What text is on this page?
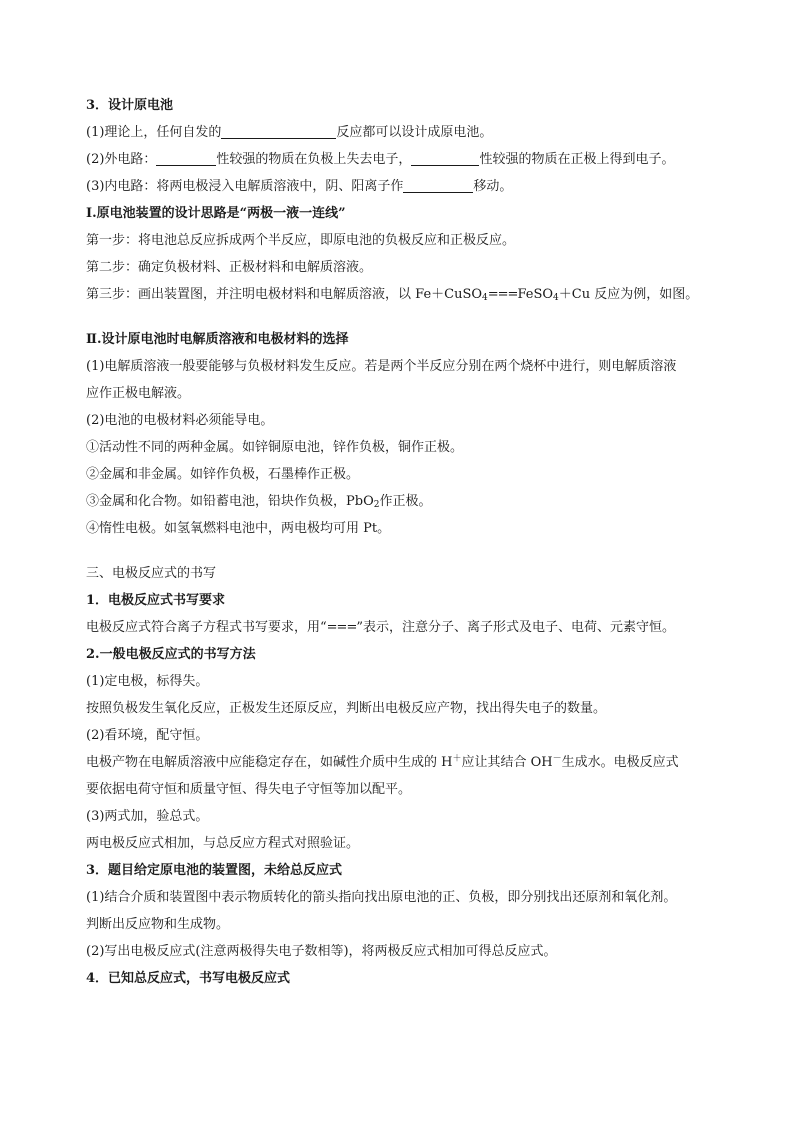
3．设计原电池
(1)理论上，任何自发的	反应都可以设计成原电池。
(2)外电路：	性较强的物质在负极上失去电子，	性较强的物质在正极上得到电子。
(3)内电路：将两电极浸入电解质溶液中，阴、阳离子作	移动。
Ⅰ.原电池装置的设计思路是“两极一液一连线”
第一步：将电池总反应拆成两个半反应，即原电池的负极反应和正极反应。
第二步：确定负极材料、正极材料和电解质溶液。
第三步：画出装置图，并注明电极材料和电解质溶液，以 Fe＋CuSO$_4$===FeSO$_4$＋Cu 反应为例，如图。
Ⅱ.设计原电池时电解质溶液和电极材料的选择
(1)电解质溶液一般要能够与负极材料发生反应。若是两个半反应分别在两个烧杯中进行，则电解质溶液
应作正极电解液。
(2)电池的电极材料必须能导电。
①活动性不同的两种金属。如锌铜原电池，锌作负极，铜作正极。
②金属和非金属。如锌作负极，石墨棒作正极。
③金属和化合物。如铅蓄电池，铅块作负极，PbO$_2$作正极。
④惰性电极。如氢氧燃料电池中，两电极均可用 Pt。
三、电极反应式的书写
1．电极反应式书写要求
电极反应式符合离子方程式书写要求，用“===”表示，注意分子、离子形式及电子、电荷、元素守恒。
2.一般电极反应式的书写方法
(1)定电极，标得失。
按照负极发生氧化反应，正极发生还原反应，判断出电极反应产物，找出得失电子的数量。
(2)看环境，配守恒。
电极产物在电解质溶液中应能稳定存在，如碱性介质中生成的 H＋应让其结合 OH－生成水。电极反应式
要依据电荷守恒和质量守恒、得失电子守恒等加以配平。
(3)两式加，验总式。
两电极反应式相加，与总反应方程式对照验证。
3．题目给定原电池的装置图，未给总反应式
(1)结合介质和装置图中表示物质转化的箭头指向找出原电池的正、负极，即分别找出还原剂和氧化剂。
判断出反应物和生成物。
(2)写出电极反应式(注意两极得失电子数相等)，将两极反应式相加可得总反应式。
4．已知总反应式，书写电极反应式
